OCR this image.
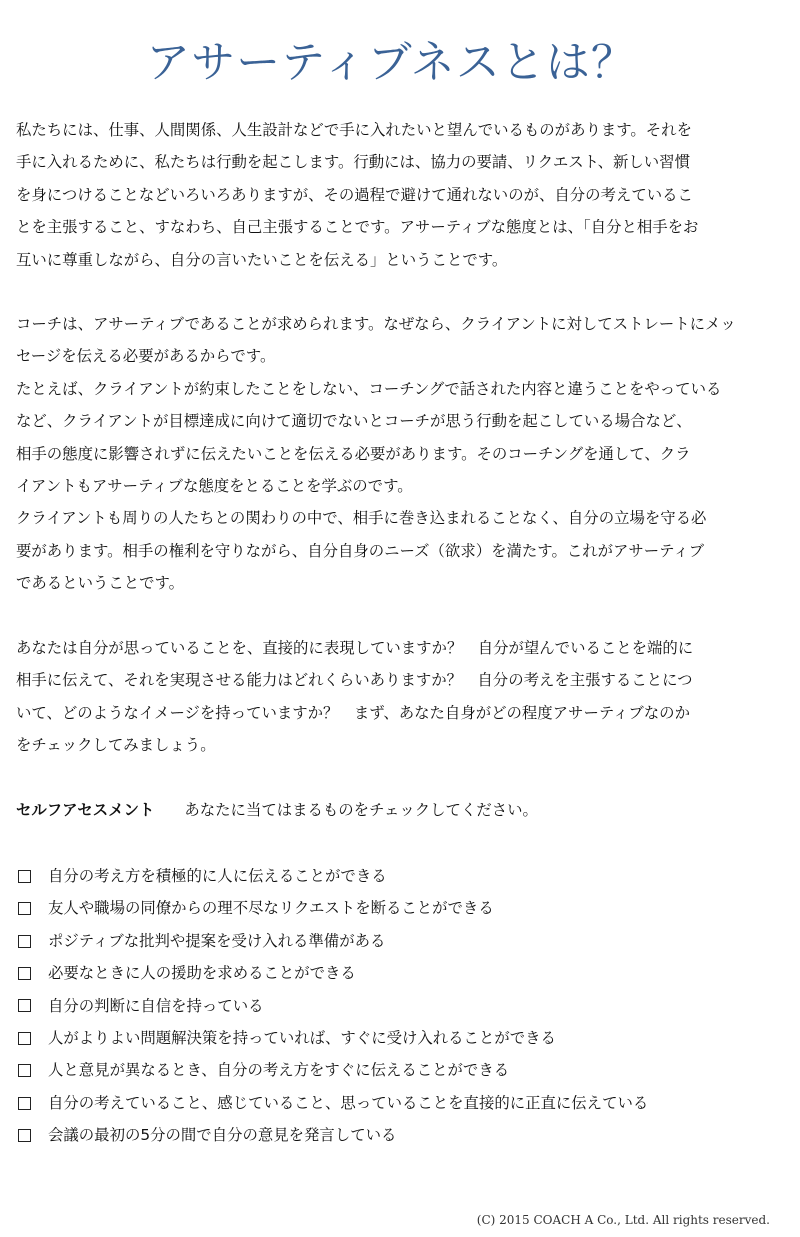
アサーティブネスとは？
私たちには、仕事、人間関係、人生設計などで手に入れたいと望んでいるものがあります。それを
手に入れるために、私たちは行動を起こします。行動には、協力の要請、リクエスト、新しい習慣
を身につけることなどいろいろありますが、その過程で避けて通れないのが、自分の考えているこ
とを主張すること、すなわち、自己主張することです。アサーティブな態度とは、「自分と相手をお
互いに尊重しながら、自分の言いたいことを伝える」ということです。
コーチは、アサーティブであることが求められます。なぜなら、クライアントに対してストレートにメッ
セージを伝える必要があるからです。
たとえば、クライアントが約束したことをしない、コーチングで話された内容と違うことをやっている
など、クライアントが目標達成に向けて適切でないとコーチが思う行動を起こしている場合など、
相手の態度に影響されずに伝えたいことを伝える必要があります。そのコーチングを通して、クラ
イアントもアサーティブな態度をとることを学ぶのです。
クライアントも周りの人たちとの関わりの中で、相手に巻き込まれることなく、自分の立場を守る必
要があります。相手の権利を守りながら、自分自身のニーズ（欲求）を満たす。これがアサーティブ
であるということです。
あなたは自分が思っていることを、直接的に表現していますか？　自分が望んでいることを端的に
相手に伝えて、それを実現させる能力はどれくらいありますか？　自分の考えを主張することにつ
いて、どのようなイメージを持っていますか？　まず、あなた自身がどの程度アサーティブなのか
をチェックしてみましょう。
セルフアセスメント あなたに当てはまるものをチェックしてください。
自分の考え方を積極的に人に伝えることができる
友人や職場の同僚からの理不尽なリクエストを断ることができる
ポジティブな批判や提案を受け入れる準備がある
必要なときに人の援助を求めることができる
自分の判断に自信を持っている
人がよりよい問題解決策を持っていれば、すぐに受け入れることができる
人と意見が異なるとき、自分の考え方をすぐに伝えることができる
自分の考えていること、感じていること、思っていることを直接的に正直に伝えている
会議の最初の5分の間で自分の意見を発言している
(C) 2015 COACH A Co., Ltd. All rights reserved.
